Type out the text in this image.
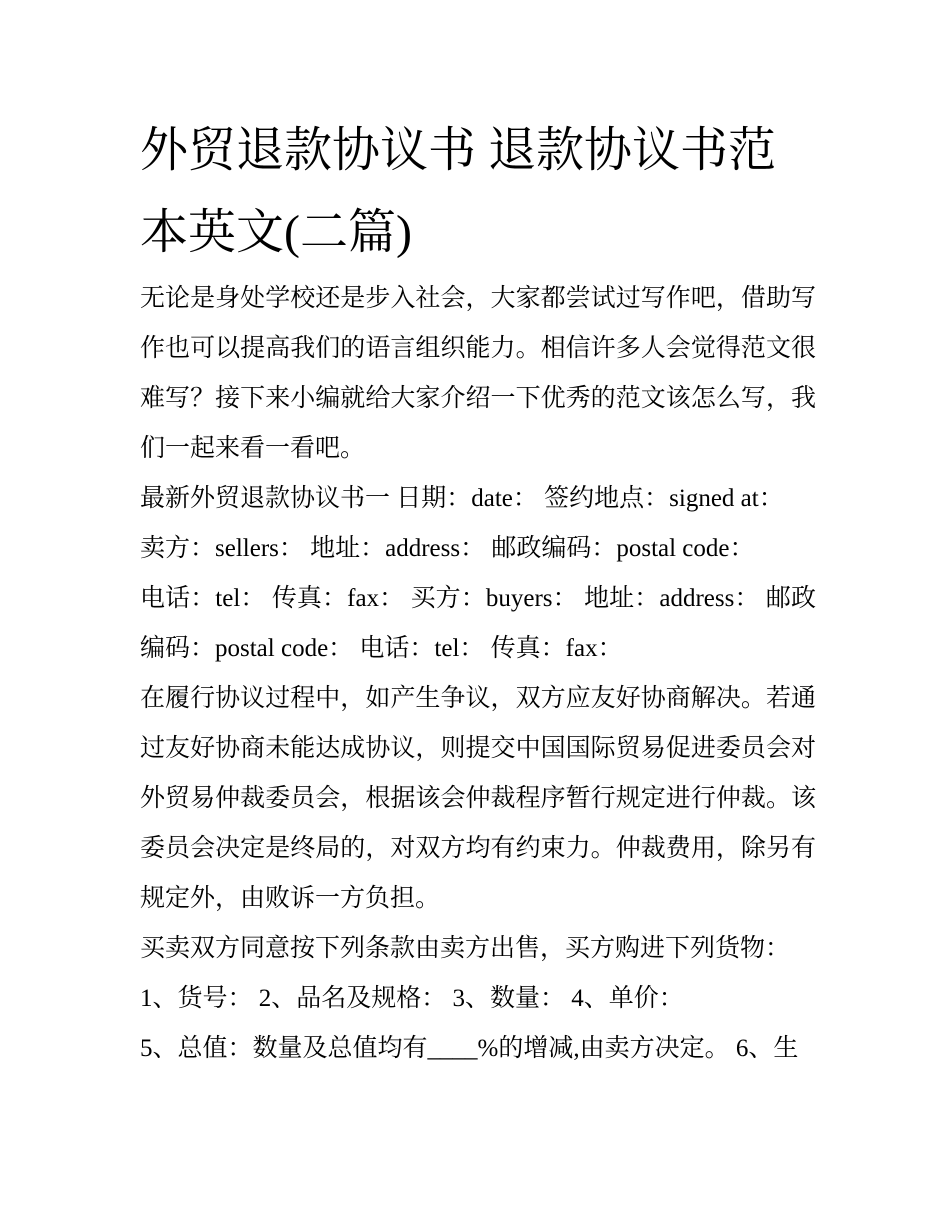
外贸退款协议书 退款协议书范本英文(二篇)

无论是身处学校还是步入社会，大家都尝试过写作吧，借助写作也可以提高我们的语言组织能力。相信许多人会觉得范文很难写？接下来小编就给大家介绍一下优秀的范文该怎么写，我们一起来看一看吧。

最新外贸退款协议书一 日期：date： 签约地点：signed at：

卖方：sellers： 地址：address： 邮政编码：postal code：

电话：tel： 传真：fax： 买方：buyers： 地址：address： 邮政编码：postal code： 电话：tel： 传真：fax：

在履行协议过程中，如产生争议，双方应友好协商解决。若通过友好协商未能达成协议，则提交中国国际贸易促进委员会对外贸易仲裁委员会，根据该会仲裁程序暂行规定进行仲裁。该委员会决定是终局的，对双方均有约束力。仲裁费用，除另有规定外，由败诉一方负担。

买卖双方同意按下列条款由卖方出售，买方购进下列货物：

1、货号： 2、品名及规格： 3、数量： 4、单价：

5、总值：数量及总值均有____%的增减,由卖方决定。 6、生
